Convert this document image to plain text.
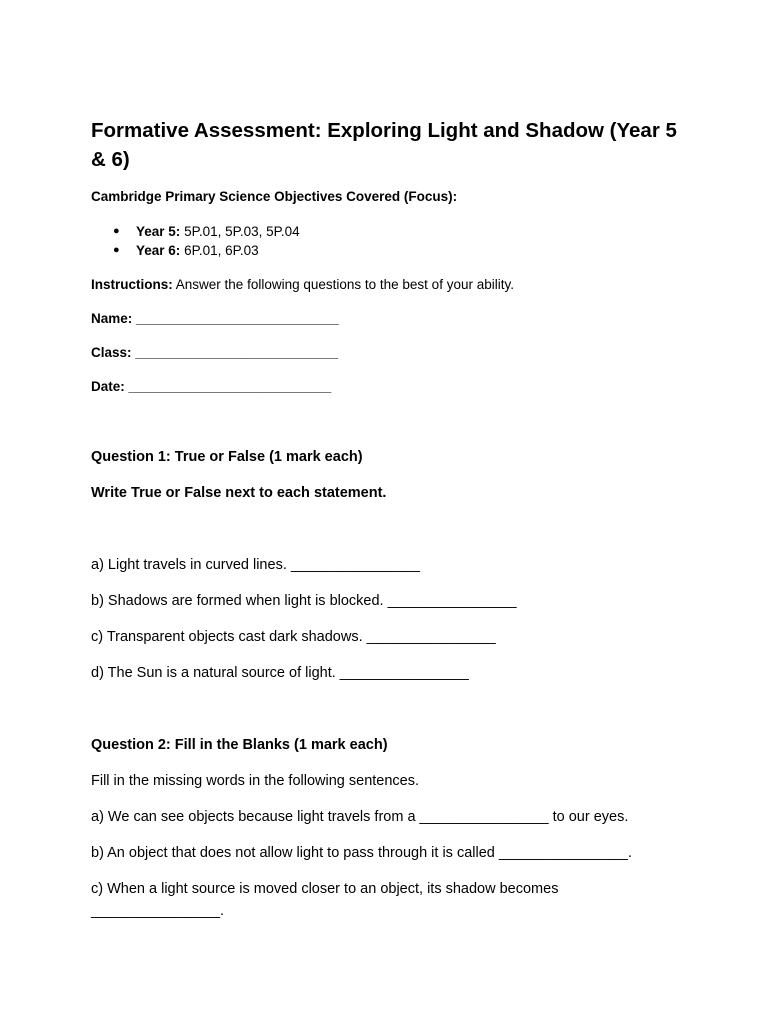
Formative Assessment: Exploring Light and Shadow (Year 5 & 6)

Cambridge Primary Science Objectives Covered (Focus):

● Year 5: 5P.01, 5P.03, 5P.04
● Year 6: 6P.01, 6P.03

Instructions: Answer the following questions to the best of your ability.

Name: ___________________________

Class: ___________________________

Date: ___________________________

Question 1: True or False (1 mark each)

Write True or False next to each statement.

a) Light travels in curved lines. ________________

b) Shadows are formed when light is blocked. ________________

c) Transparent objects cast dark shadows. ________________

d) The Sun is a natural source of light. ________________

Question 2: Fill in the Blanks (1 mark each)

Fill in the missing words in the following sentences.

a) We can see objects because light travels from a ________________ to our eyes.

b) An object that does not allow light to pass through it is called ________________.

c) When a light source is moved closer to an object, its shadow becomes

________________.
